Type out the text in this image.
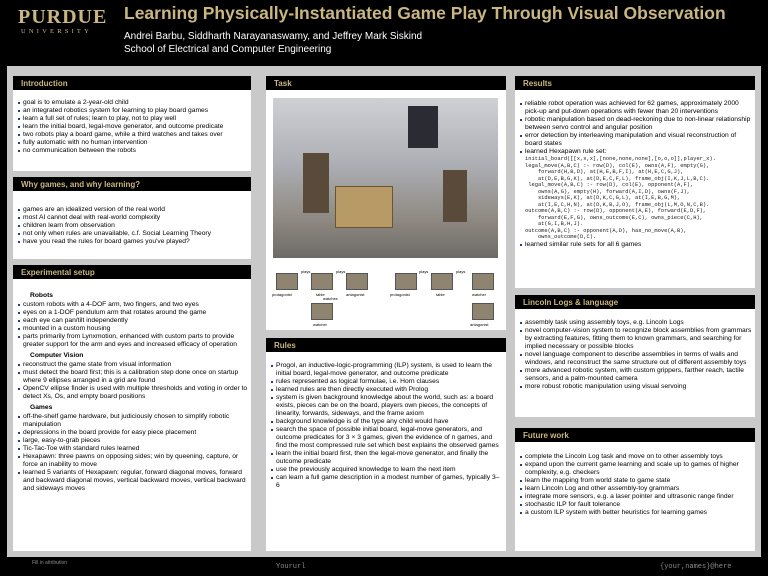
PURDUE
UNIVERSITY
Learning Physically-Instantiated Game Play Through Visual Observation
Andrei Barbu, Siddharth Narayanaswamy, and Jeffrey Mark Siskind
School of Electrical and Computer Engineering
Introduction
goal is to emulate a 2-year-old child
an integrated robotics system for learning to play board games
learn a full set of rules; learn to play, not to play well
learn the initial board, legal-move generator, and outcome predicate
two robots play a board game, while a third watches and takes over
fully automatic with no human intervention
no communication between the robots
Why games, and why learning?
games are an idealized version of the real world
most AI cannot deal with real-world complexity
children learn from observation
not only when rules are unavailable, c.f. Social Learning Theory
have you read the rules for board games you've played?
Experimental setup
Robots
custom robots with a 4-DOF arm, two fingers, and two eyes
eyes on a 1-DOF pendulum arm that rotates around the game
each eye can pan/tilt independently
mounted in a custom housing
parts primarily from Lynxmotion, enhanced with custom parts to provide greater support for the arm and eyes and increased efficacy of operation
Computer Vision
reconstruct the game state from visual information
must detect the board first; this is a calibration step done once on startup where 9 ellipses arranged in a grid are found
OpenCV ellipse finder is used with multiple thresholds and voting in order to detect Xs, Os, and empty board positions
Games
off-the-shelf game hardware, but judiciously chosen to simplify robotic manipulation
depressions in the board provide for easy piece placement
large, easy-to-grab pieces
Tic-Tac-Toe with standard rules learned
Hexapawn: three pawns on opposing sides; win by queening, capture, or force an inability to move
learned 5 variants of Hexapawn: regular, forward diagonal moves, forward and backward diagonal moves, vertical backward moves, vertical backward and sideways moves
Task
plays	plays
watches
protagonist	table	antagonist
watcher
protagonist	table	watcher
antagonist
plays	plays
Rules
Progol, an inductive-logic-programming (ILP) system, is used to learn the initial board, legal-move generator, and outcome predicate
rules represented as logical formulae, i.e. Horn clauses
learned rules are then directly executed with Prolog
system is given background knowledge about the world, such as: a board exists, pieces can be on the board, players own pieces, the concepts of linearity, forwards, sideways, and the frame axiom
background knowledge is of the type any child would have
search the space of possible initial board, legal-move generators, and outcome predicates for 3 × 3 games, given the evidence of n games, and find the most compressed rule set which best explains the observed games
learn the initial board first, then the legal-move generator, and finally the outcome predicate
use the previously acquired knowledge to learn the next item
can learn a full game description in a modest number of games, typically 3–6
Results
reliable robot operation was achieved for 62 games, approximately 2000 pick-up and put-down operations with fewer than 20 interventions
robotic manipulation based on dead-reckoning due to non-linear relationship between servo control and angular position
error detection by interleaving manipulation and visual reconstruction of board states
learned Hexapawn rule set:
initial_board([[x,x,x],[none,none,none],[o,o,o]],player_x).
legal_move(A,B,C) :- row(D), col(E), owns(A,F), empty(G),
forward(H,B,D), at(H,E,B,F,I), at(H,E,C,G,J),
at(D,E,B,G,K), at(D,E,C,F,L), frame_obj(I,K,J,L,B,C).
legal_move(A,B,C) :- row(D), col(E), opponent(A,F),
owns(A,G), empty(H), forward(A,I,D), owns(F,J),
sideways(E,K), at(D,K,C,G,L), at(I,E,B,G,M),
at(I,E,C,H,N), at(D,K,B,J,O), frame_obj(L,M,O,N,C,B).
outcome(A,B,C) :- row(D), opponent(A,E), forward(E,D,F),
forward(E,F,G), owns_outcome(E,C), owns_piece(C,H),
at(G,I,B,H,J).
outcome(A,B,C) :- opponent(A,D), has_no_move(A,B),
owns_outcome(D,C).
learned similar rule sets for all 6 games
Lincoln Logs & language
assembly task using assembly toys, e.g. Lincoln Logs
novel computer-vision system to recognize block assemblies from grammars by extracting features, fitting them to known grammars, and searching for implied necessary or possible blocks
novel language component to describe assemblies in terms of walls and windows, and reconstruct the same structure out of different assembly toys
more advanced robotic system, with custom grippers, farther reach, tactile sensors, and a palm-mounted camera
more robust robotic manipulation using visual servoing
Future work
complete the Lincoln Log task and move on to other assembly toys
expand upon the current game learning and scale up to games of higher complexity, e.g. checkers
learn the mapping from world state to game state
learn Lincoln Log and other assembly-toy grammars
integrate more sensors, e.g. a laser pointer and ultrasonic range finder
stochastic ILP for fault tolerance
a custom ILP system with better heuristics for learning games
Fill in attribution	Yoururl	{your,names}@here
